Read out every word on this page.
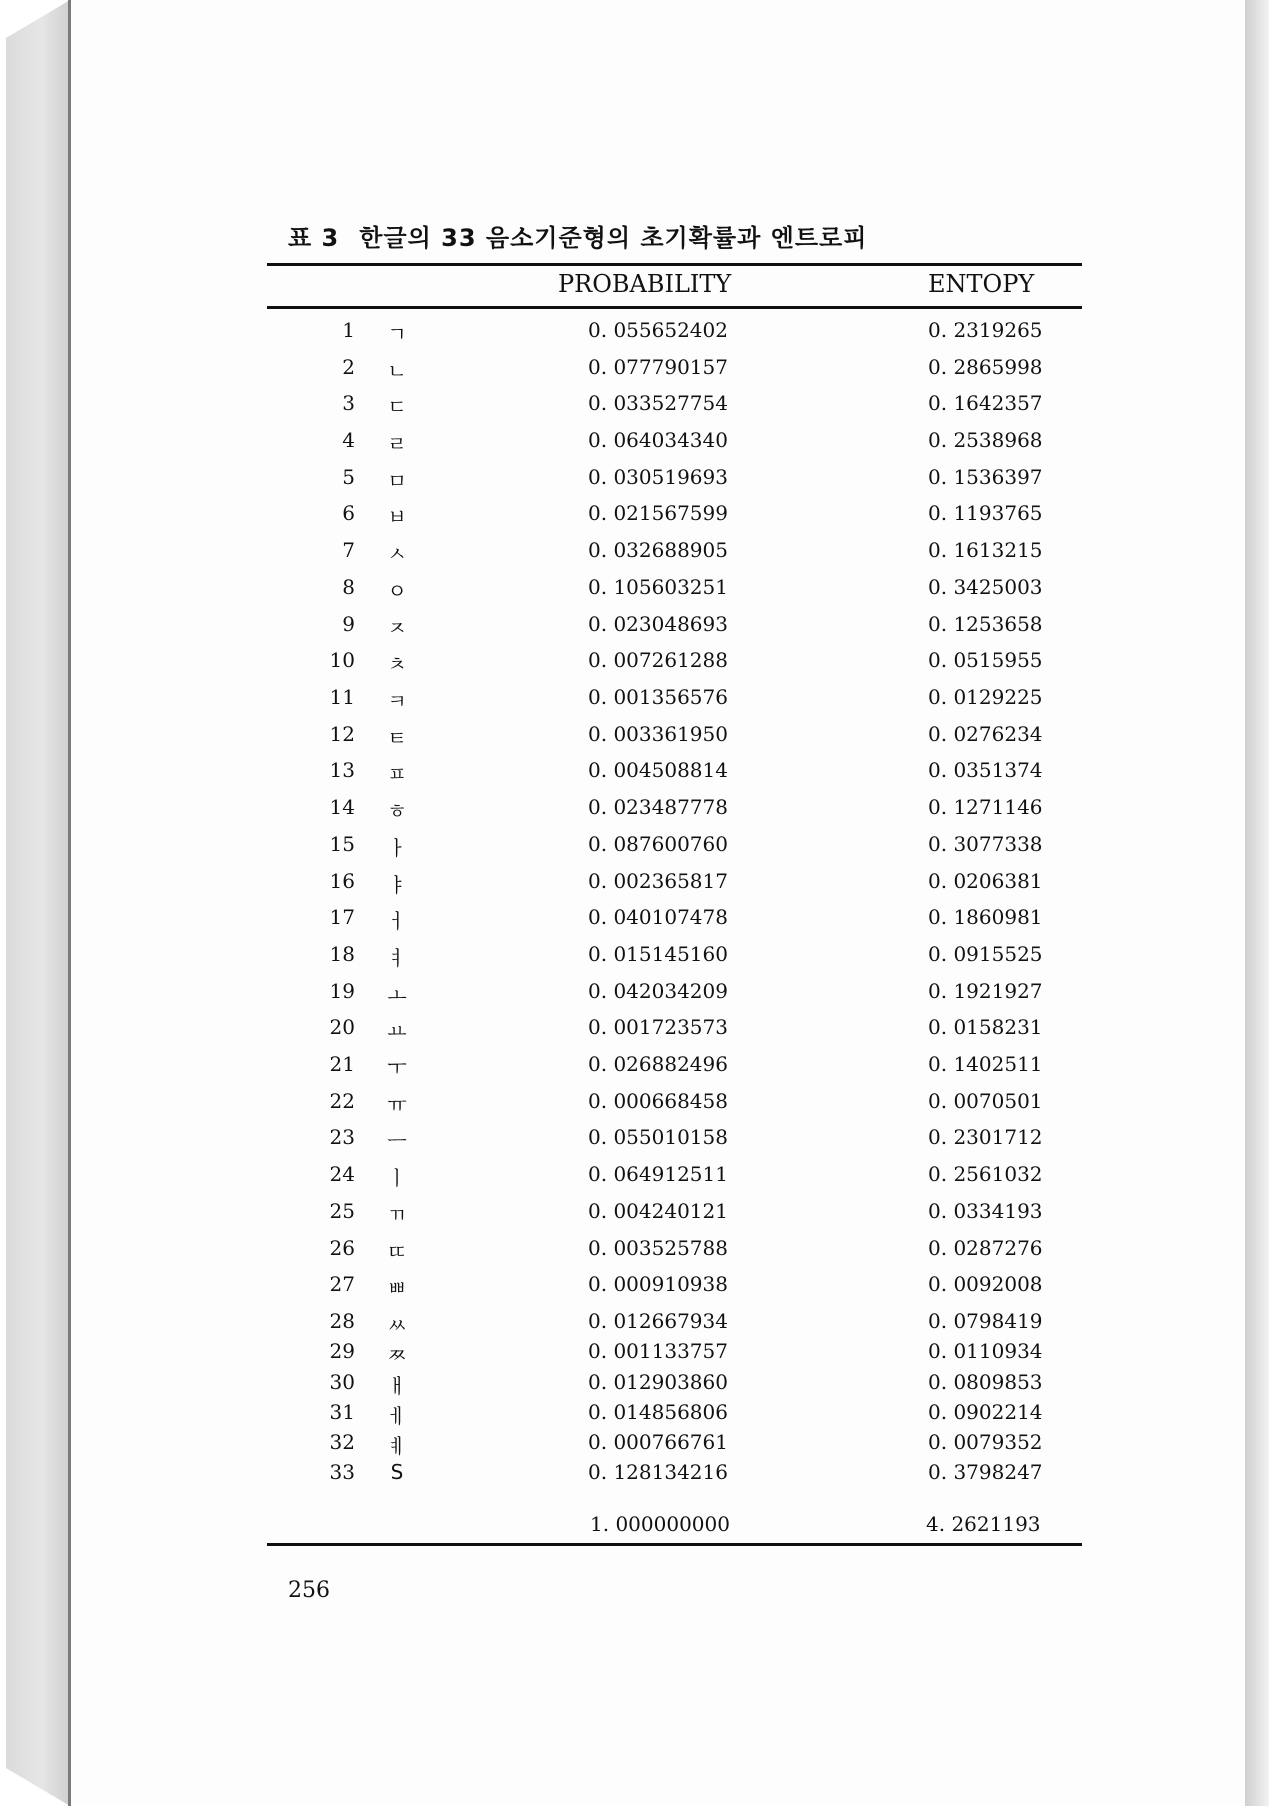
표 3 한글의 33 음소기준형의 초기확률과 엔트로피
PROBABILITY	ENTOPY
1 ㄱ	0. 055652402	0. 2319265
2 ㄴ	0. 077790157	0. 2865998
3 ㄷ	0. 033527754	0. 1642357
4 ㄹ	0. 064034340	0. 2538968
5 ㅁ	0. 030519693	0. 1536397
6 ㅂ	0. 021567599	0. 1193765
7 ㅅ	0. 032688905	0. 1613215
8 ㅇ	0. 105603251	0. 3425003
9 ㅈ	0. 023048693	0. 1253658
10 ㅊ	0. 007261288	0. 0515955
11 ㅋ	0. 001356576	0. 0129225
12 ㅌ	0. 003361950	0. 0276234
13 ㅍ	0. 004508814	0. 0351374
14 ㅎ	0. 023487778	0. 1271146
15 ㅏ	0. 087600760	0. 3077338
16 ㅑ	0. 002365817	0. 0206381
17 ㅓ	0. 040107478	0. 1860981
18 ㅕ	0. 015145160	0. 0915525
19 ㅗ	0. 042034209	0. 1921927
20 ㅛ	0. 001723573	0. 0158231
21 ㅜ	0. 026882496	0. 1402511
22 ㅠ	0. 000668458	0. 0070501
23 ㅡ	0. 055010158	0. 2301712
24 ㅣ	0. 064912511	0. 2561032
25 ㄲ	0. 004240121	0. 0334193
26 ㄸ	0. 003525788	0. 0287276
27 ㅃ	0. 000910938	0. 0092008
28 ㅆ	0. 012667934	0. 0798419
29 ㅉ	0. 001133757	0. 0110934
30 ㅐ	0. 012903860	0. 0809853
31 ㅔ	0. 014856806	0. 0902214
32 ㅖ	0. 000766761	0. 0079352
33	S	0. 128134216	0. 3798247
1. 000000000	4. 2621193
256
